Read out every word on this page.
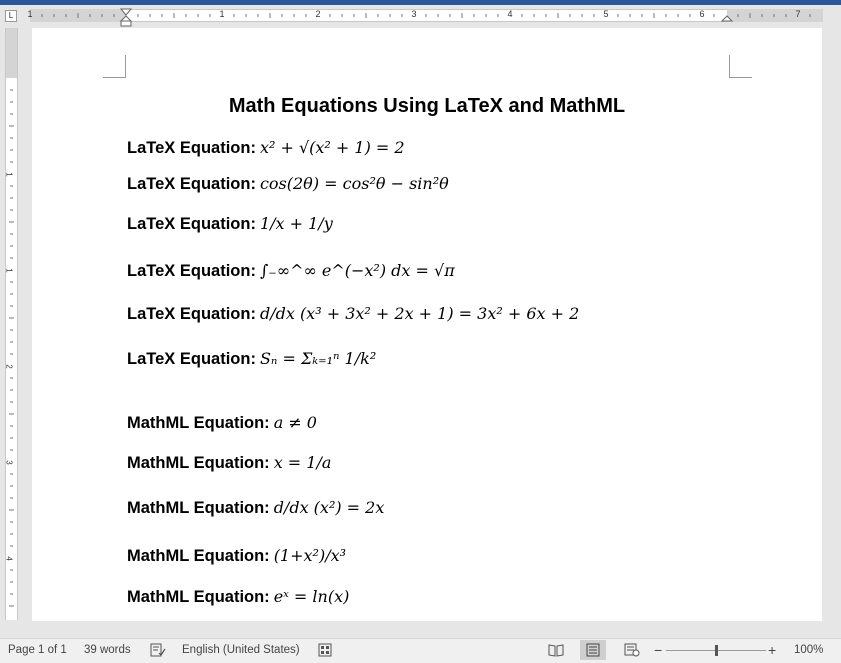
L	1	1	2	3	4	5	6	7
1
1
2
3
4
Math Equations Using LaTeX and MathML
LaTeX Equation: x² + √(x² + 1) = 2
LaTeX Equation: cos(2θ) = cos²θ − sin²θ
LaTeX Equation: 1/x + 1/y
LaTeX Equation: ∫₋∞^∞ e^(−x²) dx = √π
LaTeX Equation: d/dx (x³ + 3x² + 2x + 1) = 3x² + 6x + 2
LaTeX Equation: Sₙ = Σₖ₌₁ⁿ 1/k²
MathML Equation: a ≠ 0
MathML Equation: x = 1/a
MathML Equation: d/dx (x²) = 2x
MathML Equation: (1+x²)/x³
MathML Equation: eˣ = ln(x)
Page 1 of 1 39 words	English (United States)	−	+ 100%
